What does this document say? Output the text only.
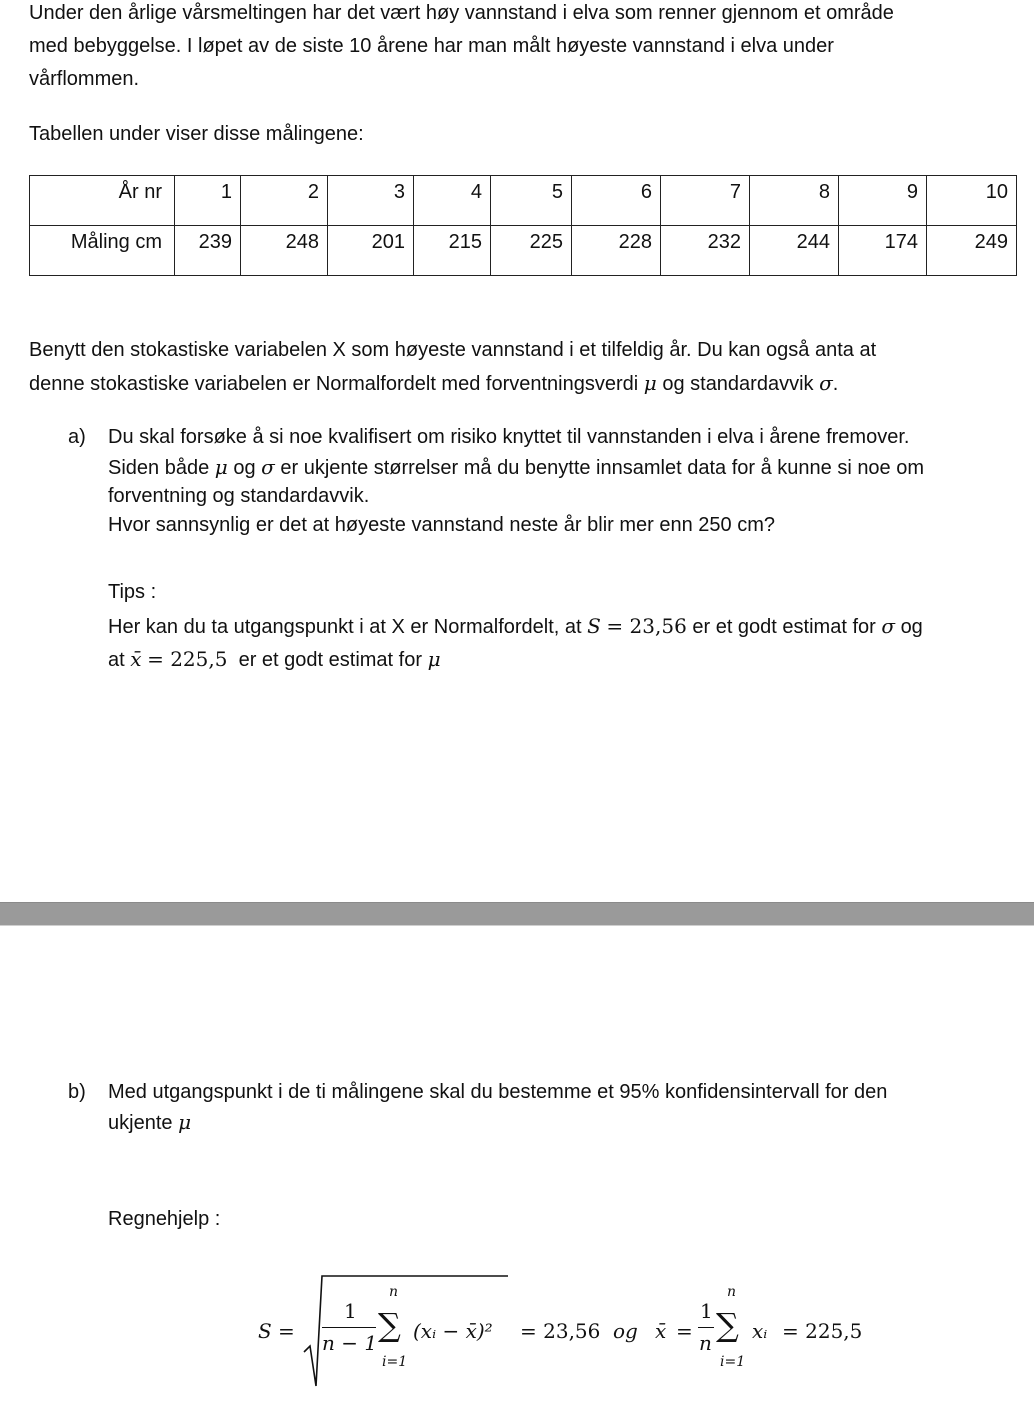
Under den årlige vårsmeltingen har det vært høy vannstand i elva som renner gjennom et område

med bebyggelse. I løpet av de siste 10 årene har man målt høyeste vannstand i elva under

vårflommen.

Tabellen under viser disse målingene:

År nr	1	2	3	4	5	6	7	8	9	10
Måling cm	239	248	201	215	225	228	232	244	174	249

Benytt den stokastiske variabelen X som høyeste vannstand i et tilfeldig år. Du kan også anta at

denne stokastiske variabelen er Normalfordelt med forventningsverdi μ og standardavvik σ.

a) Du skal forsøke å si noe kvalifisert om risiko knyttet til vannstanden i elva i årene fremover.

Siden både μ og σ er ukjente størrelser må du benytte innsamlet data for å kunne si noe om

forventning og standardavvik.

Hvor sannsynlig er det at høyeste vannstand neste år blir mer enn 250 cm?

Tips :

Her kan du ta utgangspunkt i at X er Normalfordelt, at S = 23,56 er et godt estimat for σ og

at x̄ = 225,5 er et godt estimat for μ

b) Med utgangspunkt i de ti målingene skal du bestemme et 95% konfidensintervall for den

ukjente μ

Regnehjelp :

S =
1
n − 1
n
∑
i=1
(xᵢ − x̄)² = 23,56 og x̄ =
1
n
n
∑
i=1
xᵢ = 225,5
